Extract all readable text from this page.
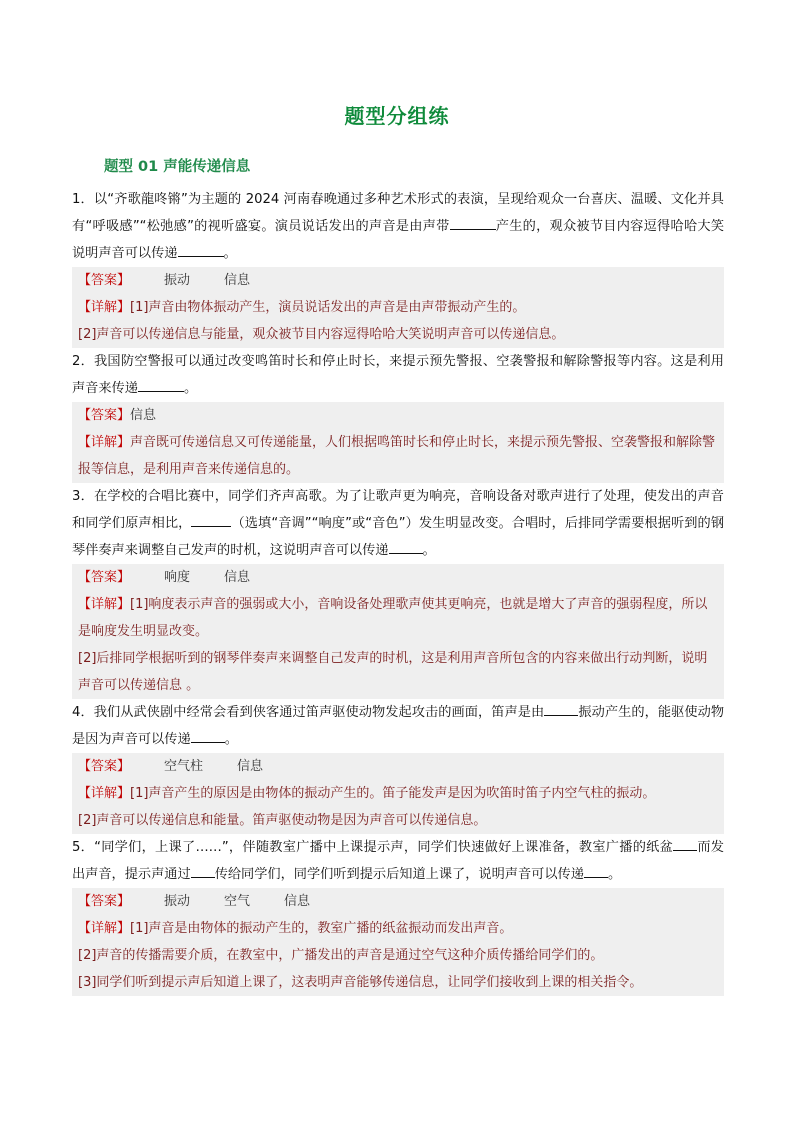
题型分组练
题型 01 声能传递信息

1．以“齐歌龍咚锵”为主题的 2024 河南春晚通过多种艺术形式的表演，呈现给观众一台喜庆、温暖、文化并具有“呼吸感”“松弛感”的视听盛宴。演员说话发出的声音是由声带	产生的，观众被节目内容逗得哈哈大笑说明声音可以传递	。

【答案】	振动	信息
【详解】[1]声音由物体振动产生，演员说话发出的声音是由声带振动产生的。
[2]声音可以传递信息与能量，观众被节目内容逗得哈哈大笑说明声音可以传递信息。

2．我国防空警报可以通过改变鸣笛时长和停止时长，来提示预先警报、空袭警报和解除警报等内容。这是利用声音来传递	。

【答案】信息
【详解】声音既可传递信息又可传递能量，人们根据鸣笛时长和停止时长，来提示预先警报、空袭警报和解除警报等信息，是利用声音来传递信息的。

3．在学校的合唱比赛中，同学们齐声高歌。为了让歌声更为响亮，音响设备对歌声进行了处理，使发出的声音和同学们原声相比，	（选填“音调”“响度”或“音色”）发生明显改变。合唱时，后排同学需要根据听到的钢琴伴奏声来调整自己发声的时机，这说明声音可以传递	。

【答案】	响度	信息
【详解】[1]响度表示声音的强弱或大小，音响设备处理歌声使其更响亮，也就是增大了声音的强弱程度，所以是响度发生明显改变。
[2]后排同学根据听到的钢琴伴奏声来调整自己发声的时机，这是利用声音所包含的内容来做出行动判断，说明声音可以传递信息 。

4．我们从武侠剧中经常会看到侠客通过笛声驱使动物发起攻击的画面，笛声是由	振动产生的，能驱使动物是因为声音可以传递	。

【答案】	空气柱	信息
【详解】[1]声音产生的原因是由物体的振动产生的。笛子能发声是因为吹笛时笛子内空气柱的振动。
[2]声音可以传递信息和能量。笛声驱使动物是因为声音可以传递信息。

5．“同学们，上课了……”，伴随教室广播中上课提示声，同学们快速做好上课准备，教室广播的纸盆 而发出声音，提示声通过 传给同学们，同学们听到提示后知道上课了，说明声音可以传递 。

【答案】	振动	空气	信息
【详解】[1]声音是由物体的振动产生的，教室广播的纸盆振动而发出声音。
[2]声音的传播需要介质，在教室中，广播发出的声音是通过空气这种介质传播给同学们的。
[3]同学们听到提示声后知道上课了，这表明声音能够传递信息，让同学们接收到上课的相关指令。
